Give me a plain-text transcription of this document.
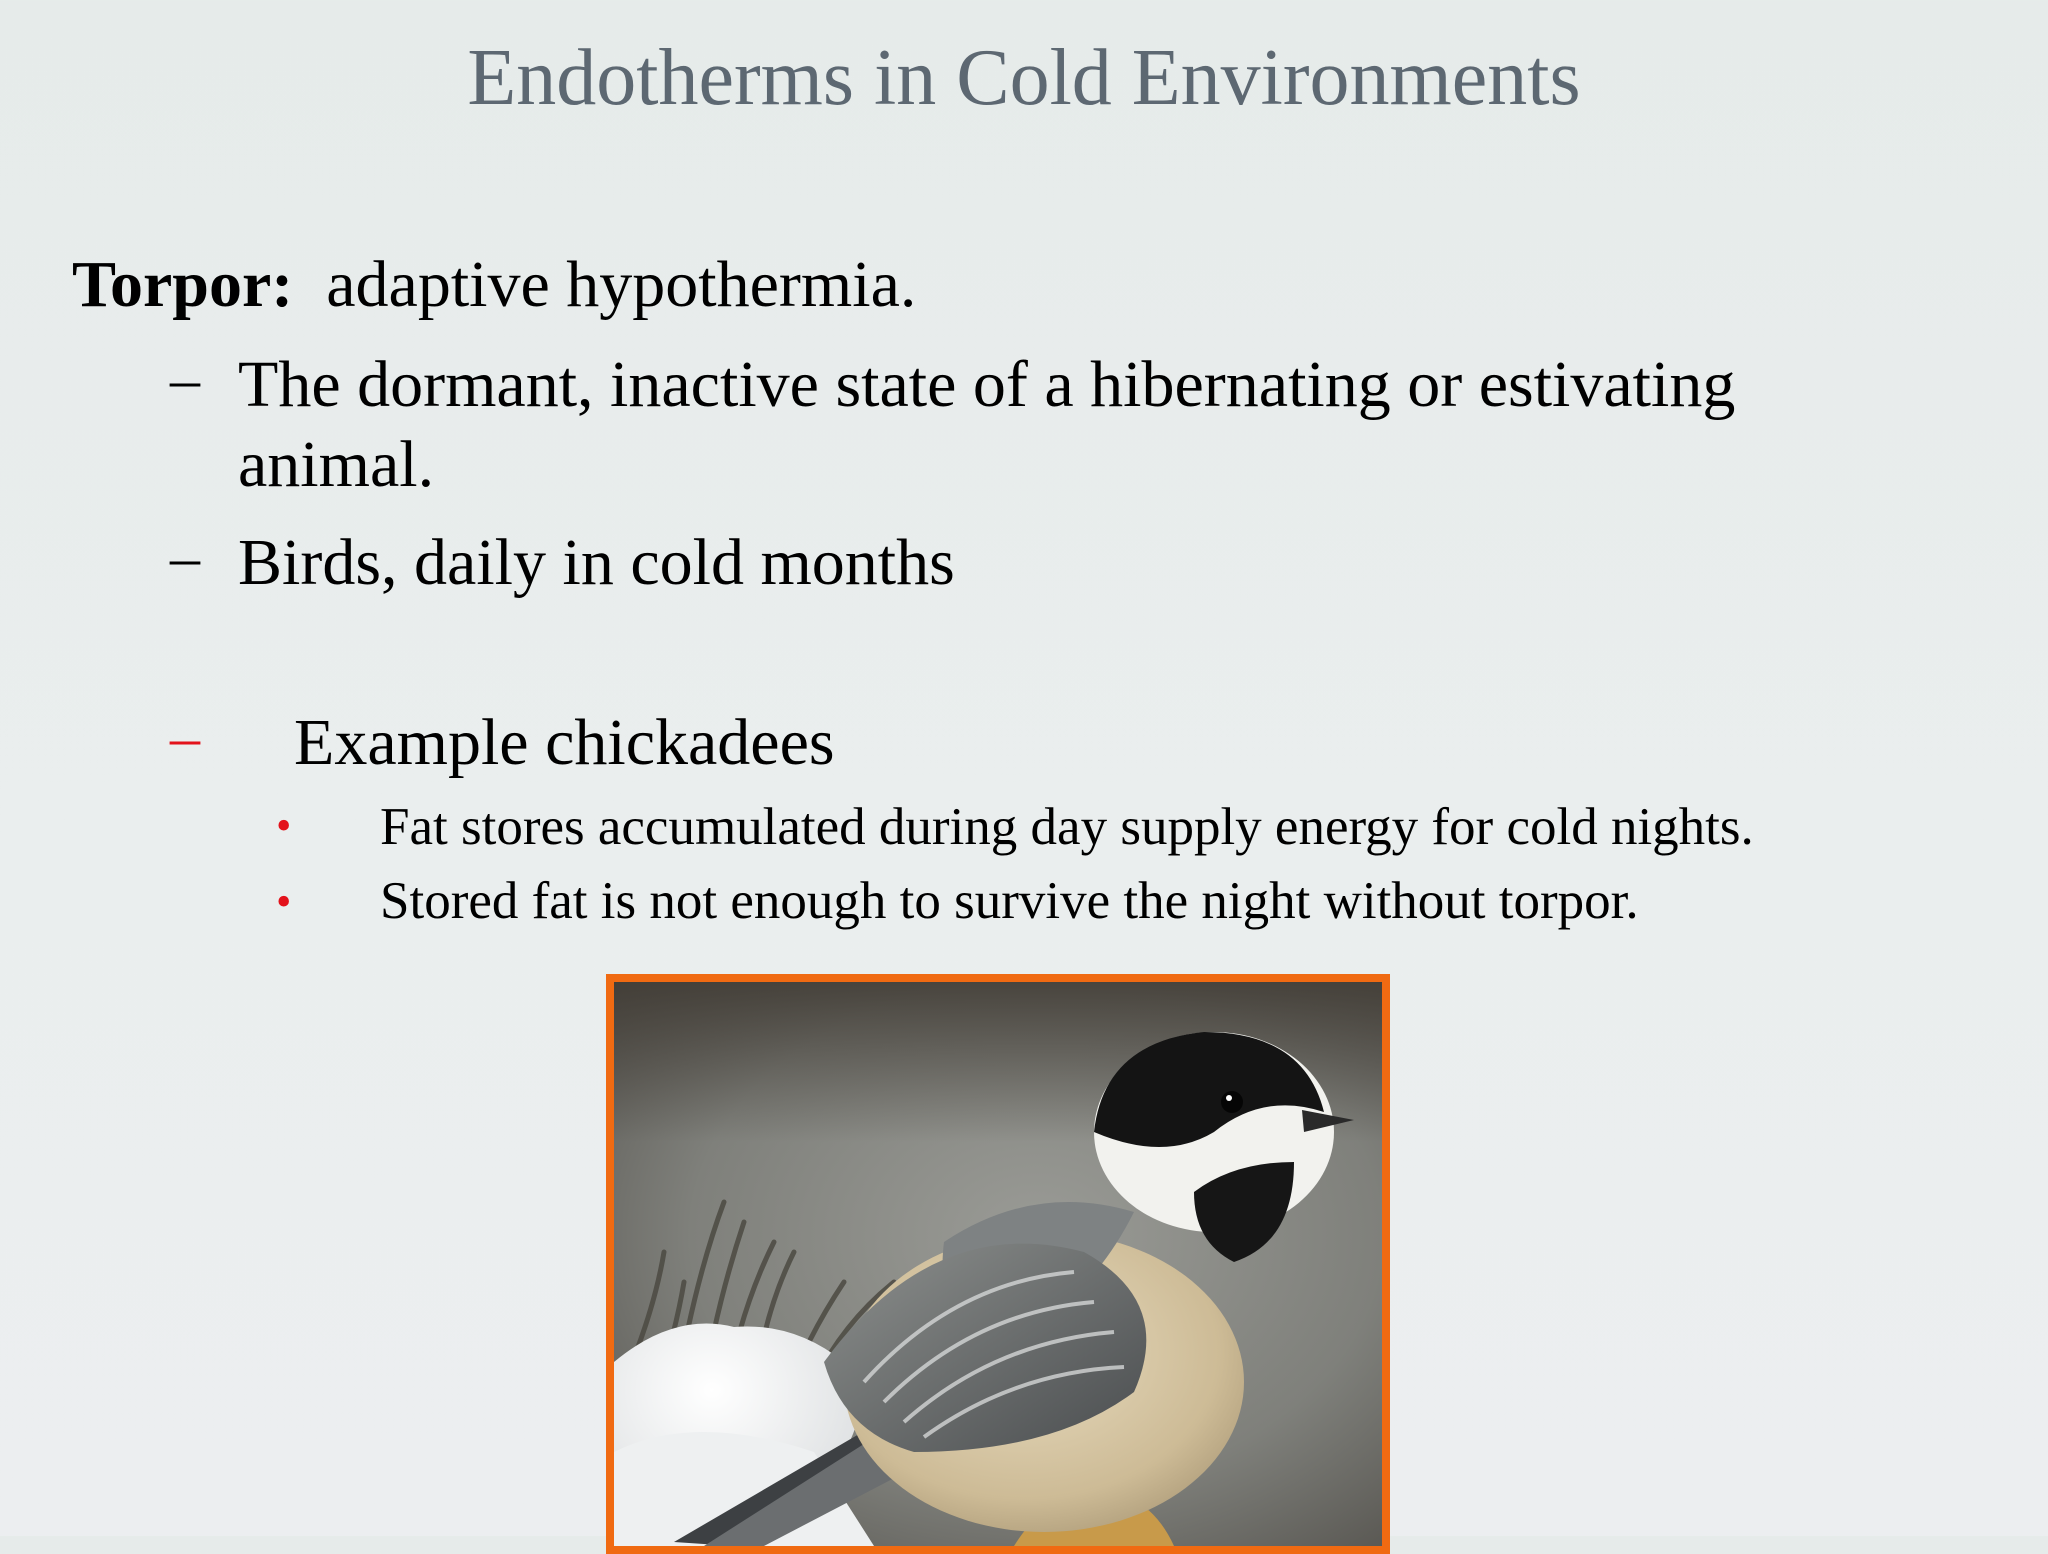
Endotherms in Cold Environments
Torpor: adaptive hypothermia.
– The dormant, inactive state of a hibernating or estivating
animal.
– Birds, daily in cold months
– Example chickadees
• Fat stores accumulated during day supply energy for cold nights.
• Stored fat is not enough to survive the night without torpor.
